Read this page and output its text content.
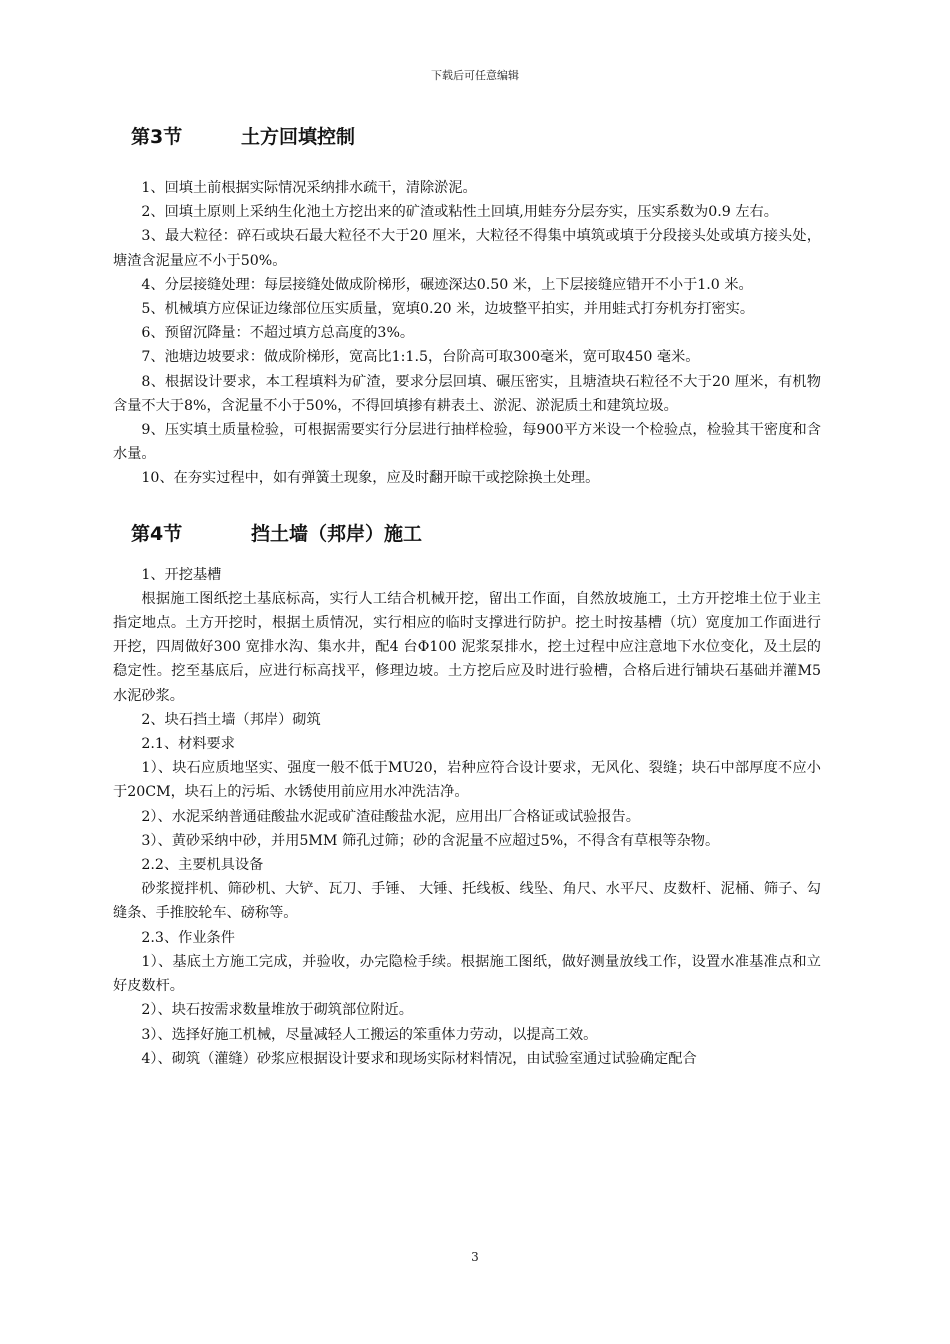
下载后可任意编辑
第3节	土方回填控制

1、回填土前根据实际情况采纳排水疏干，清除淤泥。

2、回填土原则上采纳生化池土方挖出来的矿渣或粘性土回填,用蛙夯分层夯实，压实系数为0.9 左右。

3、最大粒径：碎石或块石最大粒径不大于20 厘米，大粒径不得集中填筑或填于分段接头处或填方接头处，塘渣含泥量应不小于50%。

4、分层接缝处理：每层接缝处做成阶梯形，碾迹深达0.50 米，上下层接缝应错开不小于1.0 米。

5、机械填方应保证边缘部位压实质量，宽填0.20 米，边坡整平拍实，并用蛙式打夯机夯打密实。

6、预留沉降量：不超过填方总高度的3%。

7、池塘边坡要求：做成阶梯形，宽高比1:1.5，台阶高可取300毫米，宽可取450 毫米。

8、根据设计要求，本工程填料为矿渣，要求分层回填、碾压密实，且塘渣块石粒径不大于20 厘米，有机物含量不大于8%，含泥量不小于50%，不得回填掺有耕表土、淤泥、淤泥质土和建筑垃圾。

9、压实填土质量检验，可根据需要实行分层进行抽样检验，每900平方米设一个检验点，检验其干密度和含水量。

10、在夯实过程中，如有弹簧土现象，应及时翻开晾干或挖除换土处理。

第4节	挡土墙（邦岸）施工

1、开挖基槽

根据施工图纸挖土基底标高，实行人工结合机械开挖，留出工作面，自然放坡施工，土方开挖堆土位于业主指定地点。土方开挖时，根据土质情况，实行相应的临时支撑进行防护。挖土时按基槽（坑）宽度加工作面进行开挖，四周做好300 宽排水沟、集水井，配4 台Φ100 泥浆泵排水，挖土过程中应注意地下水位变化，及土层的稳定性。挖至基底后，应进行标高找平，修理边坡。土方挖后应及时进行验槽，合格后进行铺块石基础并灌M5 水泥砂浆。

2、块石挡土墙（邦岸）砌筑

2.1、材料要求

1）、块石应质地坚实、强度一般不低于MU20，岩种应符合设计要求，无风化、裂缝；块石中部厚度不应小于20CM，块石上的污垢、水锈使用前应用水冲洗洁净。

2）、水泥采纳普通硅酸盐水泥或矿渣硅酸盐水泥，应用出厂合格证或试验报告。

3）、黄砂采纳中砂，并用5MM 筛孔过筛；砂的含泥量不应超过5%，不得含有草根等杂物。

2.2、主要机具设备

砂浆搅拌机、筛砂机、大铲、瓦刀、手锤、 大锤、托线板、线坠、角尺、水平尺、皮数杆、泥桶、筛子、勾缝条、手推胶轮车、磅称等。

2.3、作业条件

1）、基底土方施工完成，并验收，办完隐检手续。根据施工图纸，做好测量放线工作，设置水准基准点和立好皮数杆。

2）、块石按需求数量堆放于砌筑部位附近。

3）、选择好施工机械，尽量减轻人工搬运的笨重体力劳动，以提高工效。

4）、砌筑（灌缝）砂浆应根据设计要求和现场实际材料情况，由试验室通过试验确定配合

3
